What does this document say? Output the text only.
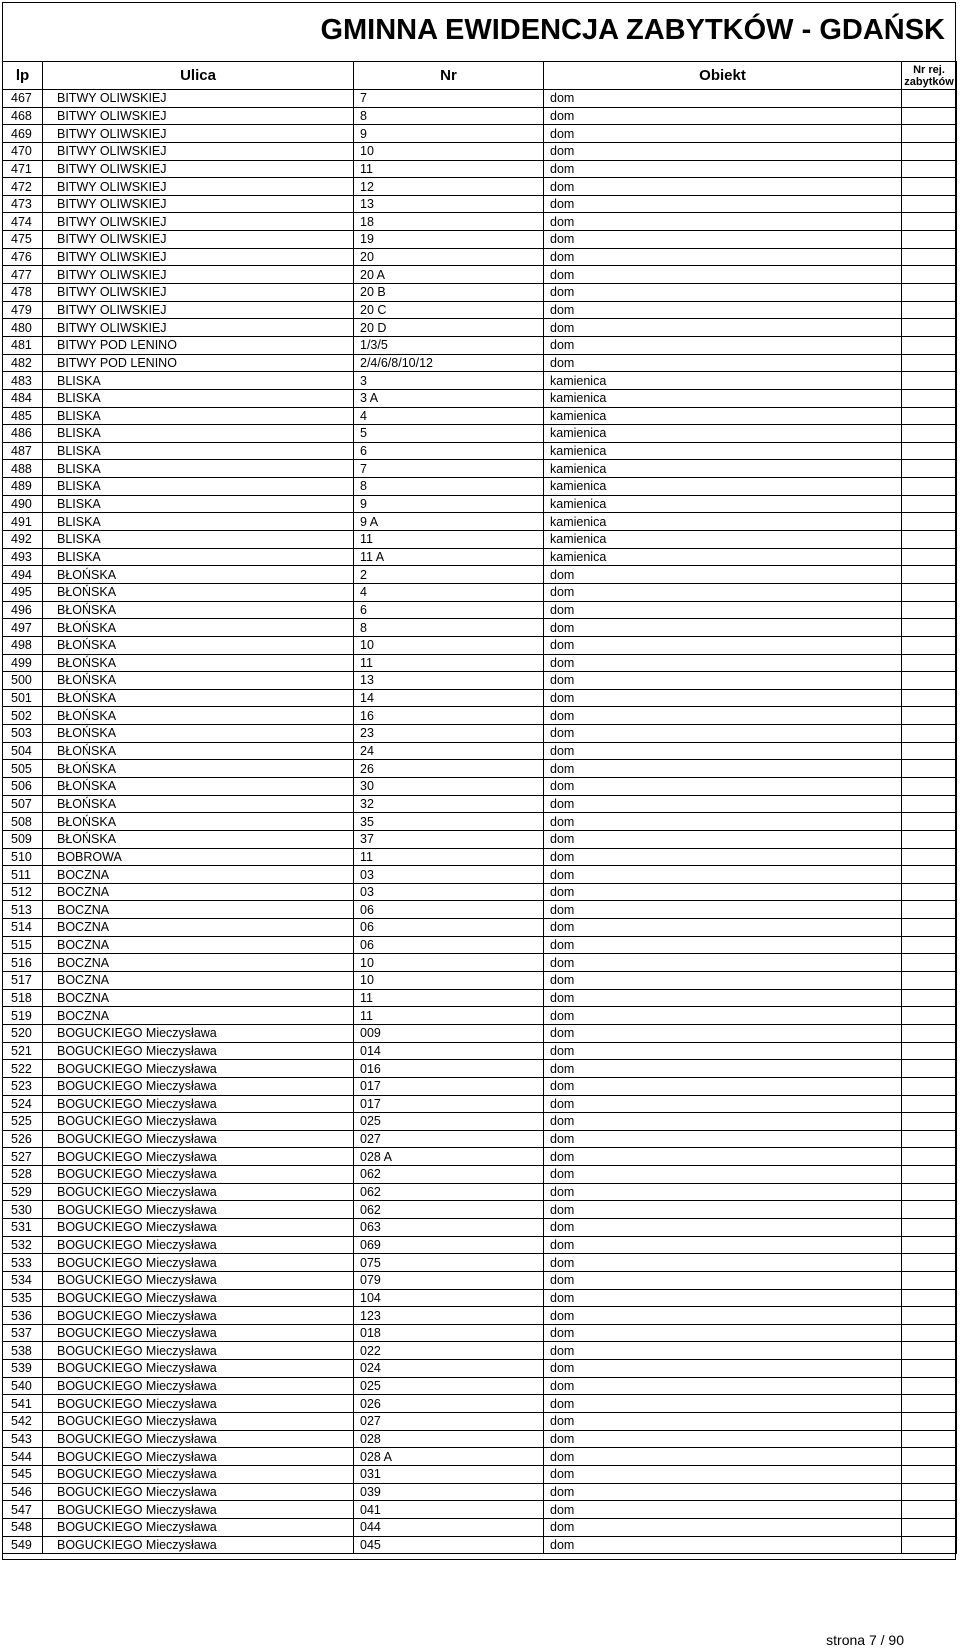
GMINNA EWIDENCJA ZABYTKÓW - GDAŃSK
lp	Ulica	Nr	Obiekt	Nr rej.
zabytków
467	BITWY OLIWSKIEJ	7	dom	
468	BITWY OLIWSKIEJ	8	dom	
469	BITWY OLIWSKIEJ	9	dom	
470	BITWY OLIWSKIEJ	10	dom	
471	BITWY OLIWSKIEJ	11	dom	
472	BITWY OLIWSKIEJ	12	dom	
473	BITWY OLIWSKIEJ	13	dom	
474	BITWY OLIWSKIEJ	18	dom	
475	BITWY OLIWSKIEJ	19	dom	
476	BITWY OLIWSKIEJ	20	dom	
477	BITWY OLIWSKIEJ	20 A	dom	
478	BITWY OLIWSKIEJ	20 B	dom	
479	BITWY OLIWSKIEJ	20 C	dom	
480	BITWY OLIWSKIEJ	20 D	dom	
481	BITWY POD LENINO	1/3/5	dom	
482	BITWY POD LENINO	2/4/6/8/10/12	dom	
483	BLISKA	3	kamienica	
484	BLISKA	3 A	kamienica	
485	BLISKA	4	kamienica	
486	BLISKA	5	kamienica	
487	BLISKA	6	kamienica	
488	BLISKA	7	kamienica	
489	BLISKA	8	kamienica	
490	BLISKA	9	kamienica	
491	BLISKA	9 A	kamienica	
492	BLISKA	11	kamienica	
493	BLISKA	11 A	kamienica	
494	BŁOŃSKA	2	dom	
495	BŁOŃSKA	4	dom	
496	BŁOŃSKA	6	dom	
497	BŁOŃSKA	8	dom	
498	BŁOŃSKA	10	dom	
499	BŁOŃSKA	11	dom	
500	BŁOŃSKA	13	dom	
501	BŁOŃSKA	14	dom	
502	BŁOŃSKA	16	dom	
503	BŁOŃSKA	23	dom	
504	BŁOŃSKA	24	dom	
505	BŁOŃSKA	26	dom	
506	BŁOŃSKA	30	dom	
507	BŁOŃSKA	32	dom	
508	BŁOŃSKA	35	dom	
509	BŁOŃSKA	37	dom	
510	BOBROWA	11	dom	
511	BOCZNA	03	dom	
512	BOCZNA	03	dom	
513	BOCZNA	06	dom	
514	BOCZNA	06	dom	
515	BOCZNA	06	dom	
516	BOCZNA	10	dom	
517	BOCZNA	10	dom	
518	BOCZNA	11	dom	
519	BOCZNA	11	dom	
520	BOGUCKIEGO Mieczysława	009	dom	
521	BOGUCKIEGO Mieczysława	014	dom	
522	BOGUCKIEGO Mieczysława	016	dom	
523	BOGUCKIEGO Mieczysława	017	dom	
524	BOGUCKIEGO Mieczysława	017	dom	
525	BOGUCKIEGO Mieczysława	025	dom	
526	BOGUCKIEGO Mieczysława	027	dom	
527	BOGUCKIEGO Mieczysława	028 A	dom	
528	BOGUCKIEGO Mieczysława	062	dom	
529	BOGUCKIEGO Mieczysława	062	dom	
530	BOGUCKIEGO Mieczysława	062	dom	
531	BOGUCKIEGO Mieczysława	063	dom	
532	BOGUCKIEGO Mieczysława	069	dom	
533	BOGUCKIEGO Mieczysława	075	dom	
534	BOGUCKIEGO Mieczysława	079	dom	
535	BOGUCKIEGO Mieczysława	104	dom	
536	BOGUCKIEGO Mieczysława	123	dom	
537	BOGUCKIEGO Mieczysława	018	dom	
538	BOGUCKIEGO Mieczysława	022	dom	
539	BOGUCKIEGO Mieczysława	024	dom	
540	BOGUCKIEGO Mieczysława	025	dom	
541	BOGUCKIEGO Mieczysława	026	dom	
542	BOGUCKIEGO Mieczysława	027	dom	
543	BOGUCKIEGO Mieczysława	028	dom	
544	BOGUCKIEGO Mieczysława	028 A	dom	
545	BOGUCKIEGO Mieczysława	031	dom	
546	BOGUCKIEGO Mieczysława	039	dom	
547	BOGUCKIEGO Mieczysława	041	dom	
548	BOGUCKIEGO Mieczysława	044	dom	
549	BOGUCKIEGO Mieczysława	045	dom	
strona 7 / 90
